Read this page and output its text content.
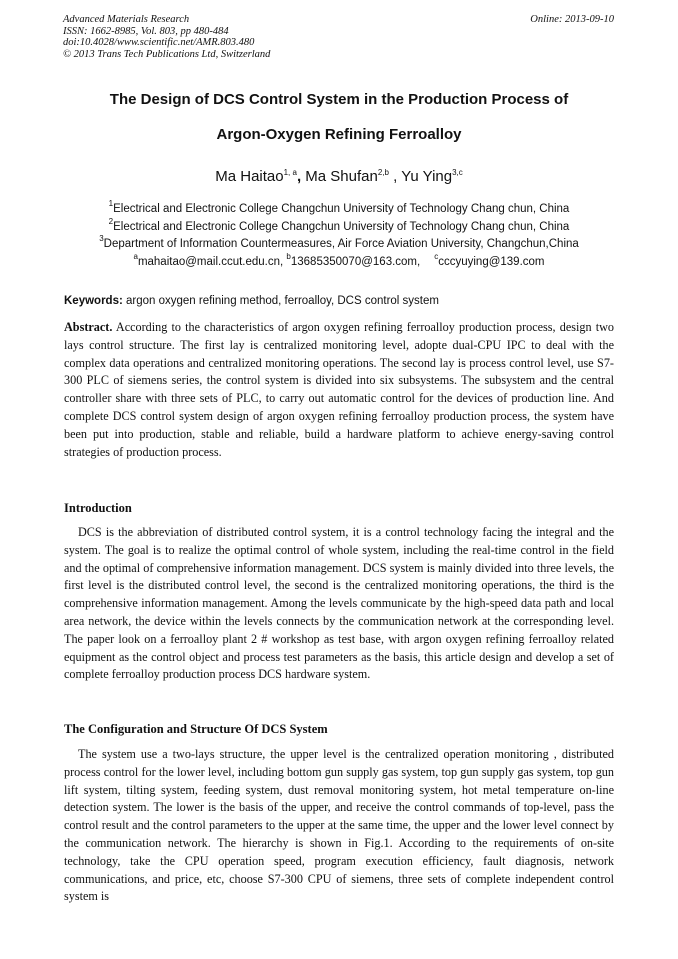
Advanced Materials Research
ISSN: 1662-8985, Vol. 803, pp 480-484
doi:10.4028/www.scientific.net/AMR.803.480
© 2013 Trans Tech Publications Ltd, Switzerland
Online: 2013-09-10
The Design of DCS Control System in the Production Process of
Argon-Oxygen Refining Ferroalloy
Ma Haitao$^{1, a}$, Ma Shufan$^{2,b}$ , Yu Ying$^{3,c}$
$^1$Electrical and Electronic College Changchun University of Technology Chang chun, China
$^2$Electrical and Electronic College Changchun University of Technology Chang chun, China
$^3$Department of Information Countermeasures, Air Force Aviation University, Changchun,China
$^a$mahaitao@mail.ccut.edu.cn, $^b$13685350070@163.com, $^c$cccyuying@139.com
Keywords: argon oxygen refining method, ferroalloy, DCS control system

Abstract. According to the characteristics of argon oxygen refining ferroalloy production process, design two lays control structure. The first lay is centralized monitoring level, adopte dual-CPU IPC to deal with the complex data operations and centralized monitoring operations. The second lay is process control level, use S7-300 PLC of siemens series, the control system is divided into six subsystems. The subsystem and the central controller share with three sets of PLC, to carry out automatic control for the devices of production line. And complete DCS control system design of argon oxygen refining ferroalloy production process, the system have been put into production, stable and reliable, build a hardware platform to achieve energy-saving control strategies of production process.

Introduction

DCS is the abbreviation of distributed control system, it is a control technology facing the integral and the system. The goal is to realize the optimal control of whole system, including the real-time control in the field and the optimal of comprehensive information management. DCS system is mainly divided into three levels, the first level is the distributed control level, the second is the centralized monitoring operations, the third is the comprehensive information management. Among the levels communicate by the high-speed data path and local area network, the device within the levels connects by the communication network at the corresponding level. The paper look on a ferroalloy plant 2 # workshop as test base, with argon oxygen refining ferroalloy related equipment as the control object and process test parameters as the basis, this article design and develop a set of complete ferroalloy production process DCS hardware system.

The Configuration and Structure Of DCS System

The system use a two-lays structure, the upper level is the centralized operation monitoring , distributed process control for the lower level, including bottom gun supply gas system, top gun supply gas system, top gun lift system, tilting system, feeding system, dust removal monitoring system, hot metal temperature on-line detection system. The lower is the basis of the upper, and receive the control commands of top-level, pass the control result and the control parameters to the upper at the same time, the upper and the lower level connect by the communication network. The hierarchy is shown in Fig.1. According to the requirements of on-site technology, take the CPU operation speed, program execution efficiency, fault diagnosis, network communications, and price, etc, choose S7-300 CPU of siemens, three sets of complete independent control system is
